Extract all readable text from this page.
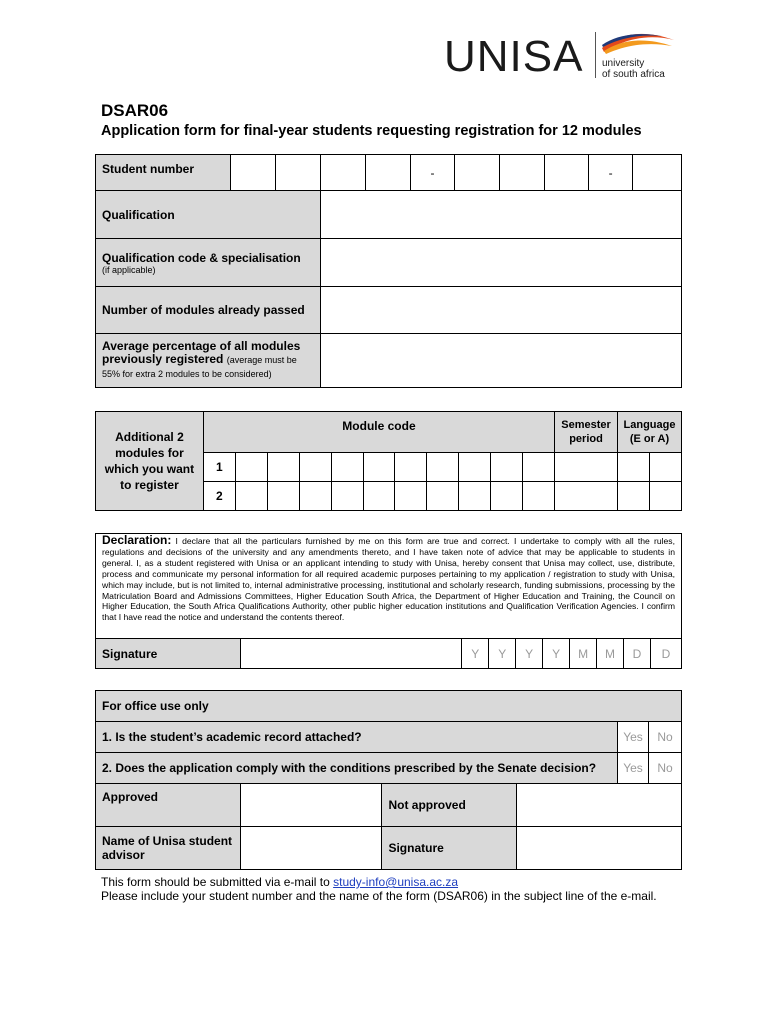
UNISA university
of south africa
DSAR06
Application form for final-year students requesting registration for 12 modules
Student number					-				-	
Qualification										

Qualification code & specialisation
(if applicable)										

Number of modules already passed										
Average percentage of all modules previously registered (average must be 55% for extra 2 modules to be considered)										
Additional 2 modules for which you want to register	Module code											Semester period	Language (E or A)	
	1													
	2													
Declaration: I declare that all the particulars furnished by me on this form are true and correct. I undertake to comply with all the rules, regulations and decisions of the university and any amendments thereto, and I have taken note of advice that may be applicable to students in general. I, as a student registered with Unisa or an applicant intending to study with Unisa, hereby consent that Unisa may collect, use, distribute, process and communicate my personal information for all required academic purposes pertaining to my application / registration to study with Unisa, which may include, but is not limited to, internal administrative processing, institutional and scholarly research, funding submissions, processing by the Matriculation Board and Admissions Committees, Higher Education South Africa, the Department of Higher Education and Training, the Council on Higher Education, the South Africa Qualifications Authority, other public higher education institutions and Qualification Verification Agencies. I confirm that I have read the notice and understand the contents thereof.
Signature		Y	Y	Y	Y	M	M	D	D
For office use only					
1. Is the student’s academic record attached?				Yes	No
2. Does the application comply with the conditions prescribed by the Senate decision?				Yes	No
Approved		Not approved			
Name of Unisa student advisor		Signature			
This form should be submitted via e-mail to study-info@unisa.ac.za
Please include your student number and the name of the form (DSAR06) in the subject line of the e-mail.
